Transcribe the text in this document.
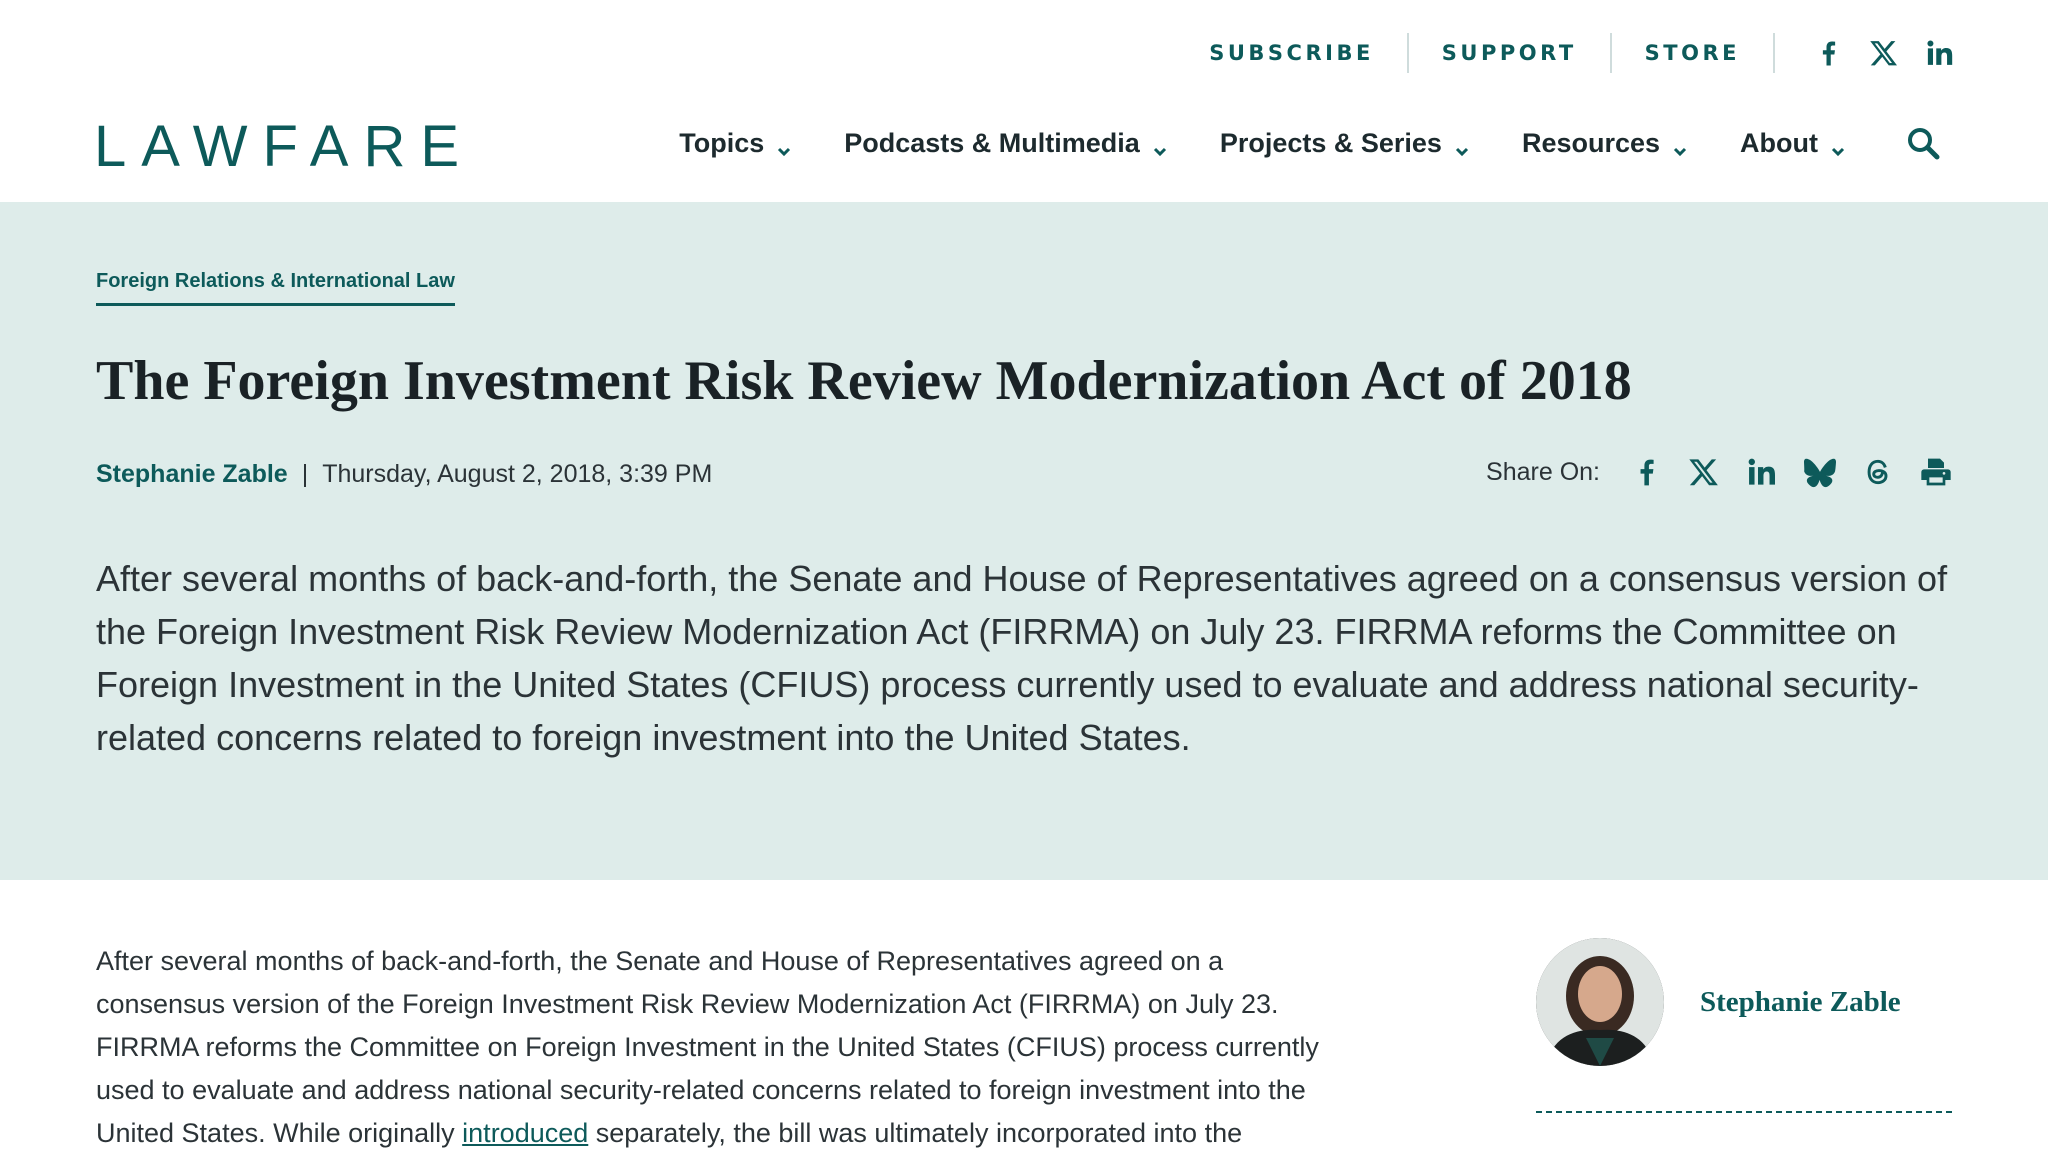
SUBSCRIBE	SUPPORT	STORE
LAWFARE	Topics	Podcasts & Multimedia	Projects & Series	Resources	About
Foreign Relations & International Law
The Foreign Investment Risk Review Modernization Act of 2018
Stephanie Zable | Thursday, August 2, 2018, 3:39 PM	Share On:

After several months of back-and-forth, the Senate and House of Representatives agreed on a consensus version of the Foreign Investment Risk Review Modernization Act (FIRRMA) on July 23. FIRRMA reforms the Committee on Foreign Investment in the United States (CFIUS) process currently used to evaluate and address national security-related concerns related to foreign investment into the United States.

After several months of back-and-forth, the Senate and House of Representatives agreed on a consensus version of the Foreign Investment Risk Review Modernization Act (FIRRMA) on July 23. FIRRMA reforms the Committee on Foreign Investment in the United States (CFIUS) process currently used to evaluate and address national security-related concerns related to foreign investment into the United States. While originally introduced separately, the bill was ultimately incorporated into the

Stephanie Zable
